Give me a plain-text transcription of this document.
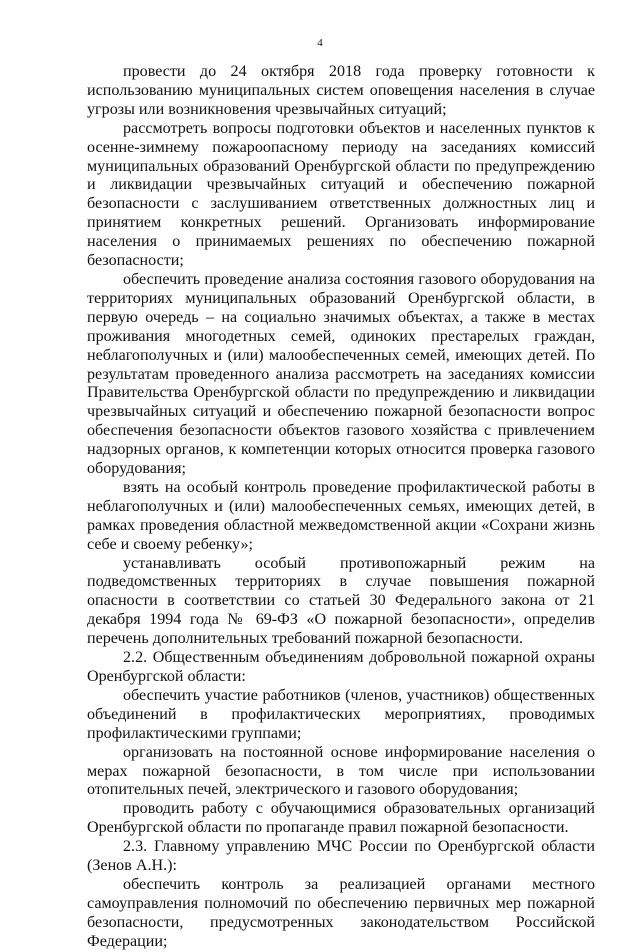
4

провести до 24 октября 2018 года проверку готовности к использованию муниципальных систем оповещения населения в случае угрозы или возникновения чрезвычайных ситуаций;

рассмотреть вопросы подготовки объектов и населенных пунктов к осенне-зимнему пожароопасному периоду на заседаниях комиссий муниципальных образований Оренбургской области по предупреждению и ликвидации чрезвычайных ситуаций и обеспечению пожарной безопасности с заслушиванием ответственных должностных лиц и принятием конкретных решений. Организовать информирование населения о принимаемых решениях по обеспечению пожарной безопасности;

обеспечить проведение анализа состояния газового оборудования на территориях муниципальных образований Оренбургской области, в первую очередь – на социально значимых объектах, а также в местах проживания многодетных семей, одиноких престарелых граждан, неблагополучных и (или) малообеспеченных семей, имеющих детей. По результатам проведенного анализа рассмотреть на заседаниях комиссии Правительства Оренбургской области по предупреждению и ликвидации чрезвычайных ситуаций и обеспечению пожарной безопасности вопрос обеспечения безопасности объектов газового хозяйства с привлечением надзорных органов, к компетенции которых относится проверка газового оборудования;

взять на особый контроль проведение профилактической работы в неблагополучных и (или) малообеспеченных семьях, имеющих детей, в рамках проведения областной межведомственной акции «Сохрани жизнь себе и своему ребенку»;

устанавливать особый противопожарный режим на подведомственных территориях в случае повышения пожарной опасности в соответствии со статьей 30 Федерального закона от 21 декабря 1994 года № 69-ФЗ «О пожарной безопасности», определив перечень дополнительных требований пожарной безопасности.

2.2. Общественным объединениям добровольной пожарной охраны Оренбургской области:

обеспечить участие работников (членов, участников) общественных объединений в профилактических мероприятиях, проводимых профилактическими группами;

организовать на постоянной основе информирование населения о мерах пожарной безопасности, в том числе при использовании отопительных печей, электрического и газового оборудования;

проводить работу с обучающимися образовательных организаций Оренбургской области по пропаганде правил пожарной безопасности.

2.3. Главному управлению МЧС России по Оренбургской области (Зенов А.Н.):

обеспечить контроль за реализацией органами местного самоуправления полномочий по обеспечению первичных мер пожарной безопасности, предусмотренных законодательством Российской Федерации;
